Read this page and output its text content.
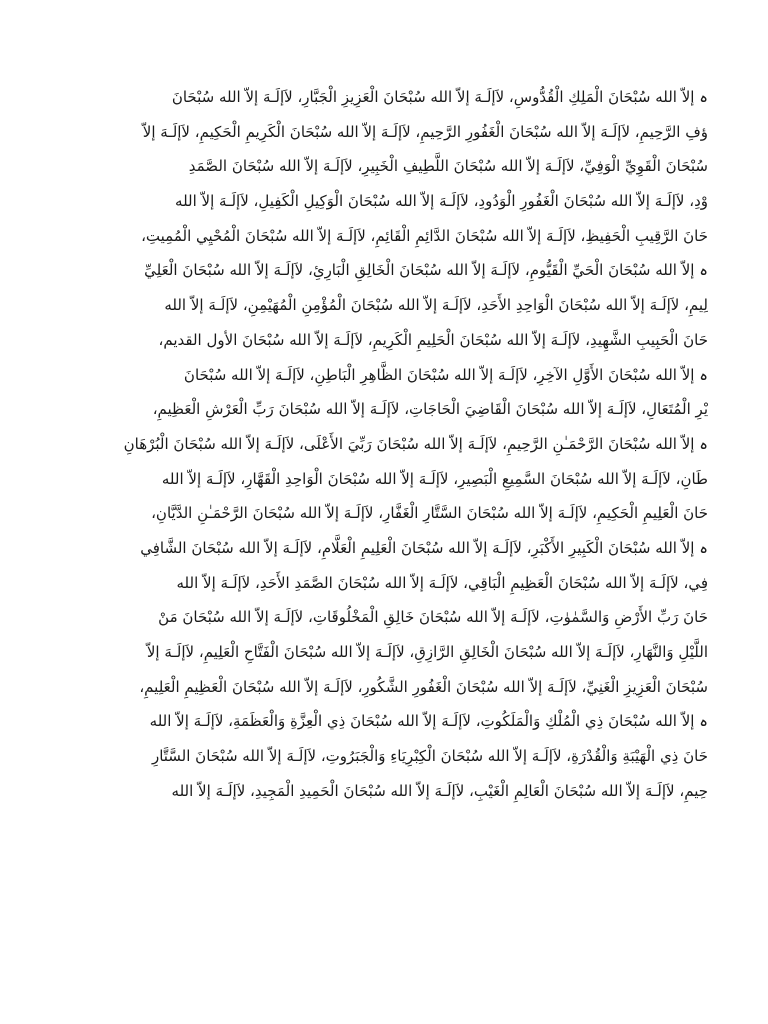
ہ إلاّ الله سُبْحَانَ الْمَلِكِ الْقُدُّوسِ، لاَإلَـهَ إلاّ الله سُبْحَانَ الْعَزِيزِ الْجَبَّارِ، لاَإلَـهَ إلاّ الله سُبْحَانَ
ؤفِ الرَّحِيمِ، لاَإلَـهَ إلاّ الله سُبْحَانَ الْغَفُورِ الرَّحِيمِ، لاَإلَـهَ إلاّ الله سُبْحَانَ الْكَرِيمِ الْحَكِيمِ، لاَإلَـهَ إلاّ
سُبْحَانَ الْقَوِيِّ الْوَفِيِّ، لاَإلَـهَ إلاّ الله سُبْحَانَ اللَّطِيفِ الْخَبِيرِ، لاَإلَـهَ إلاّ الله سُبْحَانَ الصَّمَدِ
وْدِ، لاَإلَـهَ إلاّ الله سُبْحَانَ الْغَفُورِ الْوَدُودِ، لاَإلَـهَ إلاّ الله سُبْحَانَ الْوَكِيلِ الْكَفِيلِ، لاَإلَـهَ إلاّ الله
حَانَ الرَّقِيبِ الْحَفِيظِ، لاَإلَـهَ إلاّ الله سُبْحَانَ الدَّائِمِ الْقَائِمِ، لاَإلَـهَ إلاّ الله سُبْحَانَ الْمُحْيِي الْمُمِيتِ،
ہ إلاّ الله سُبْحَانَ الْحَيِّ الْقَيُّومِ، لاَإلَـهَ إلاّ الله سُبْحَانَ الْخَالِقِ الْبَارِئِ، لاَإلَـهَ إلاّ الله سُبْحَانَ الْعَلِيِّ
لِيمِ، لاَإلَـهَ إلاّ الله سُبْحَانَ الْوَاحِدِ الأَحَدِ، لاَإلَـهَ إلاّ الله سُبْحَانَ الْمُؤْمِنِ الْمُهَيْمِنِ، لاَإلَـهَ إلاّ الله
حَانَ الْحَبِيبِ الشَّهِيدِ، لاَإلَـهَ إلاّ الله سُبْحَانَ الْحَلِيمِ الْكَرِيمِ، لاَإلَـهَ إلاّ الله سُبْحَانَ الأول القديم،
ہ إلاّ الله سُبْحَانَ الأَوَّلِ الآخِرِ، لاَإلَـهَ إلاّ الله سُبْحَانَ الظَّاهِرِ الْبَاطِنِ، لاَإلَـهَ إلاّ الله سُبْحَانَ
يْرِ الْمُتَعَالِ، لاَإلَـهَ إلاّ الله سُبْحَانَ الْقَاضِيَ الْحَاجَاتِ، لاَإلَـهَ إلاّ الله سُبْحَانَ رَبِّ الْعَرْشِ الْعَظِيمِ،
ہ إلاّ الله سُبْحَانَ الرَّحْمَـٰنِ الرَّحِيمِ، لاَإلَـهَ إلاّ الله سُبْحَانَ رَبِّيَ الأَعْلَى، لاَإلَـهَ إلاّ الله سُبْحَانَ الْبُرْهَانِ
طَانِ، لاَإلَـهَ إلاّ الله سُبْحَانَ السَّمِيعِ الْبَصِيرِ، لاَإلَـهَ إلاّ الله سُبْحَانَ الْوَاحِدِ الْقَهَّارِ، لاَإلَـهَ إلاّ الله
حَانَ الْعَلِيمِ الْحَكِيمِ، لاَإلَـهَ إلاّ الله سُبْحَانَ السَّتَّارِ الْغَفَّارِ، لاَإلَـهَ إلاّ الله سُبْحَانَ الرَّحْمَـٰنِ الدَّيَّانِ،
ہ إلاّ الله سُبْحَانَ الْكَبِيرِ الأَكْبَرِ، لاَإلَـهَ إلاّ الله سُبْحَانَ الْعَلِيمِ الْعَلَّامِ، لاَإلَـهَ إلاّ الله سُبْحَانَ الشَّافِي
فِي، لاَإلَـهَ إلاّ الله سُبْحَانَ الْعَظِيمِ الْبَاقِي، لاَإلَـهَ إلاّ الله سُبْحَانَ الصَّمَدِ الأَحَدِ، لاَإلَـهَ إلاّ الله
حَانَ رَبِّ الأَرْضِ وَالسَّمٰوٰتِ، لاَإلَـهَ إلاّ الله سُبْحَانَ خَالِقِ الْمَخْلُوقَاتِ، لاَإلَـهَ إلاّ الله سُبْحَانَ مَنْ
اللَّيْلِ وَالنَّهَارِ، لاَإلَـهَ إلاّ الله سُبْحَانَ الْخَالِقِ الرَّازِقِ، لاَإلَـهَ إلاّ الله سُبْحَانَ الْفَتَّاحِ الْعَلِيمِ، لاَإلَـهَ إلاّ
سُبْحَانَ الْعَزِيزِ الْغَنِيِّ، لاَإلَـهَ إلاّ الله سُبْحَانَ الْغَفُورِ الشَّكُورِ، لاَإلَـهَ إلاّ الله سُبْحَانَ الْعَظِيمِ الْعَلِيمِ،
ہ إلاّ الله سُبْحَانَ ذِي الْمُلْكِ وَالْمَلَكُوتِ، لاَإلَـهَ إلاّ الله سُبْحَانَ ذِي الْعِزَّةِ وَالْعَظَمَةِ، لاَإلَـهَ إلاّ الله
حَانَ ذِي الْهَيْبَةِ وَالْقُدْرَةِ، لاَإلَـهَ إلاّ الله سُبْحَانَ الْكِبْرِيَاءِ وَالْجَبَرُوتِ، لاَإلَـهَ إلاّ الله سُبْحَانَ السَّتَّارِ
حِيمِ، لاَإلَـهَ إلاّ الله سُبْحَانَ الْعَالِمِ الْغَيْبِ، لاَإلَـهَ إلاّ الله سُبْحَانَ الْحَمِيدِ الْمَجِيدِ، لاَإلَـهَ إلاّ الله
